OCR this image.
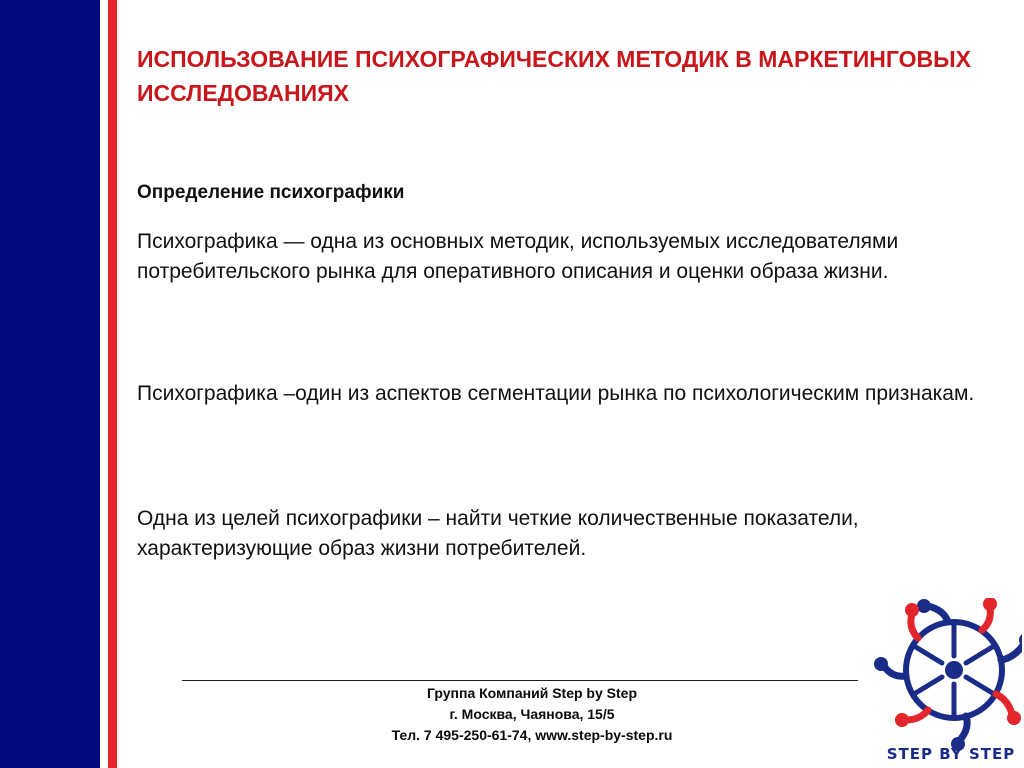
ИСПОЛЬЗОВАНИЕ ПСИХОГРАФИЧЕСКИХ МЕТОДИК В МАРКЕТИНГОВЫХ ИССЛЕДОВАНИЯХ
Определение психографики

Психографика — одна из основных методик, используемых исследователями потребительского рынка для оперативного описания и оценки образа жизни.

Психографика –один из аспектов сегментации рынка по психологическим признакам.

Одна из целей психографики – найти четкие количественные показатели, характеризующие образ жизни потребителей.

Группа Компаний Step by Step
г. Москва, Чаянова, 15/5
Тел. 7 495-250-61-74, www.step-by-step.ru
STEP BY STEP
